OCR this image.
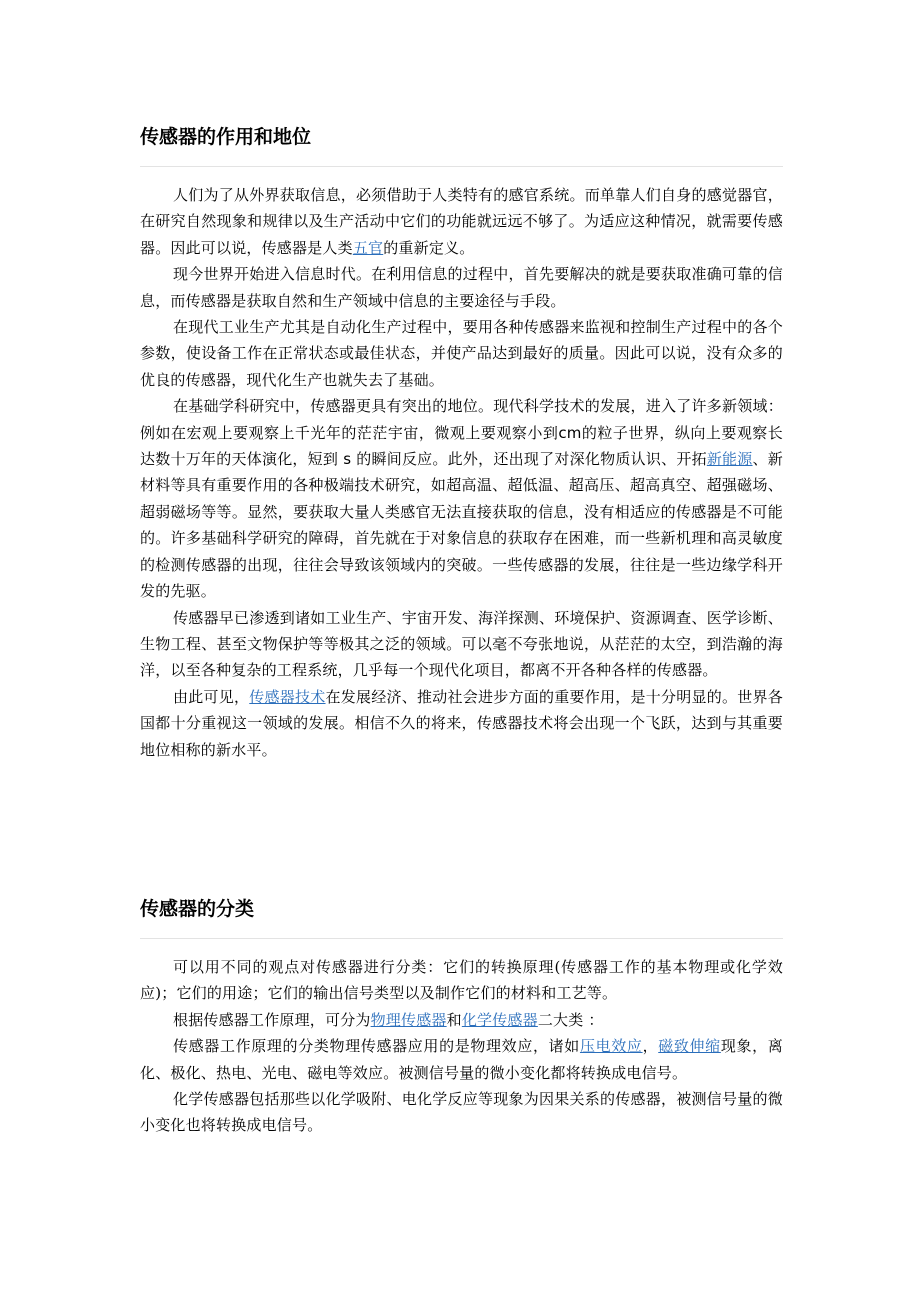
传感器的作用和地位

人们为了从外界获取信息，必须借助于人类特有的感官系统。而单靠人们自身的感觉器官，在研究自然现象和规律以及生产活动中它们的功能就远远不够了。为适应这种情况，就需要传感器。因此可以说，传感器是人类五官的重新定义。

现今世界开始进入信息时代。在利用信息的过程中，首先要解决的就是要获取准确可靠的信息，而传感器是获取自然和生产领域中信息的主要途径与手段。

在现代工业生产尤其是自动化生产过程中，要用各种传感器来监视和控制生产过程中的各个参数，使设备工作在正常状态或最佳状态，并使产品达到最好的质量。因此可以说，没有众多的优良的传感器，现代化生产也就失去了基础。

在基础学科研究中，传感器更具有突出的地位。现代科学技术的发展，进入了许多新领域：例如在宏观上要观察上千光年的茫茫宇宙，微观上要观察小到cm的粒子世界，纵向上要观察长达数十万年的天体演化，短到 s 的瞬间反应。此外，还出现了对深化物质认识、开拓新能源、新材料等具有重要作用的各种极端技术研究，如超高温、超低温、超高压、超高真空、超强磁场、超弱磁场等等。显然，要获取大量人类感官无法直接获取的信息，没有相适应的传感器是不可能的。许多基础科学研究的障碍，首先就在于对象信息的获取存在困难，而一些新机理和高灵敏度的检测传感器的出现，往往会导致该领域内的突破。一些传感器的发展，往往是一些边缘学科开发的先驱。

传感器早已渗透到诸如工业生产、宇宙开发、海洋探测、环境保护、资源调查、医学诊断、生物工程、甚至文物保护等等极其之泛的领域。可以毫不夸张地说，从茫茫的太空，到浩瀚的海洋，以至各种复杂的工程系统，几乎每一个现代化项目，都离不开各种各样的传感器。

由此可见，传感器技术在发展经济、推动社会进步方面的重要作用，是十分明显的。世界各国都十分重视这一领域的发展。相信不久的将来，传感器技术将会出现一个飞跃，达到与其重要地位相称的新水平。

传感器的分类

可以用不同的观点对传感器进行分类：它们的转换原理(传感器工作的基本物理或化学效应)；它们的用途；它们的输出信号类型以及制作它们的材料和工艺等。

根据传感器工作原理，可分为物理传感器和化学传感器二大类 ：

传感器工作原理的分类物理传感器应用的是物理效应，诸如压电效应，磁致伸缩现象，离化、极化、热电、光电、磁电等效应。被测信号量的微小变化都将转换成电信号。

化学传感器包括那些以化学吸附、电化学反应等现象为因果关系的传感器，被测信号量的微小变化也将转换成电信号。
